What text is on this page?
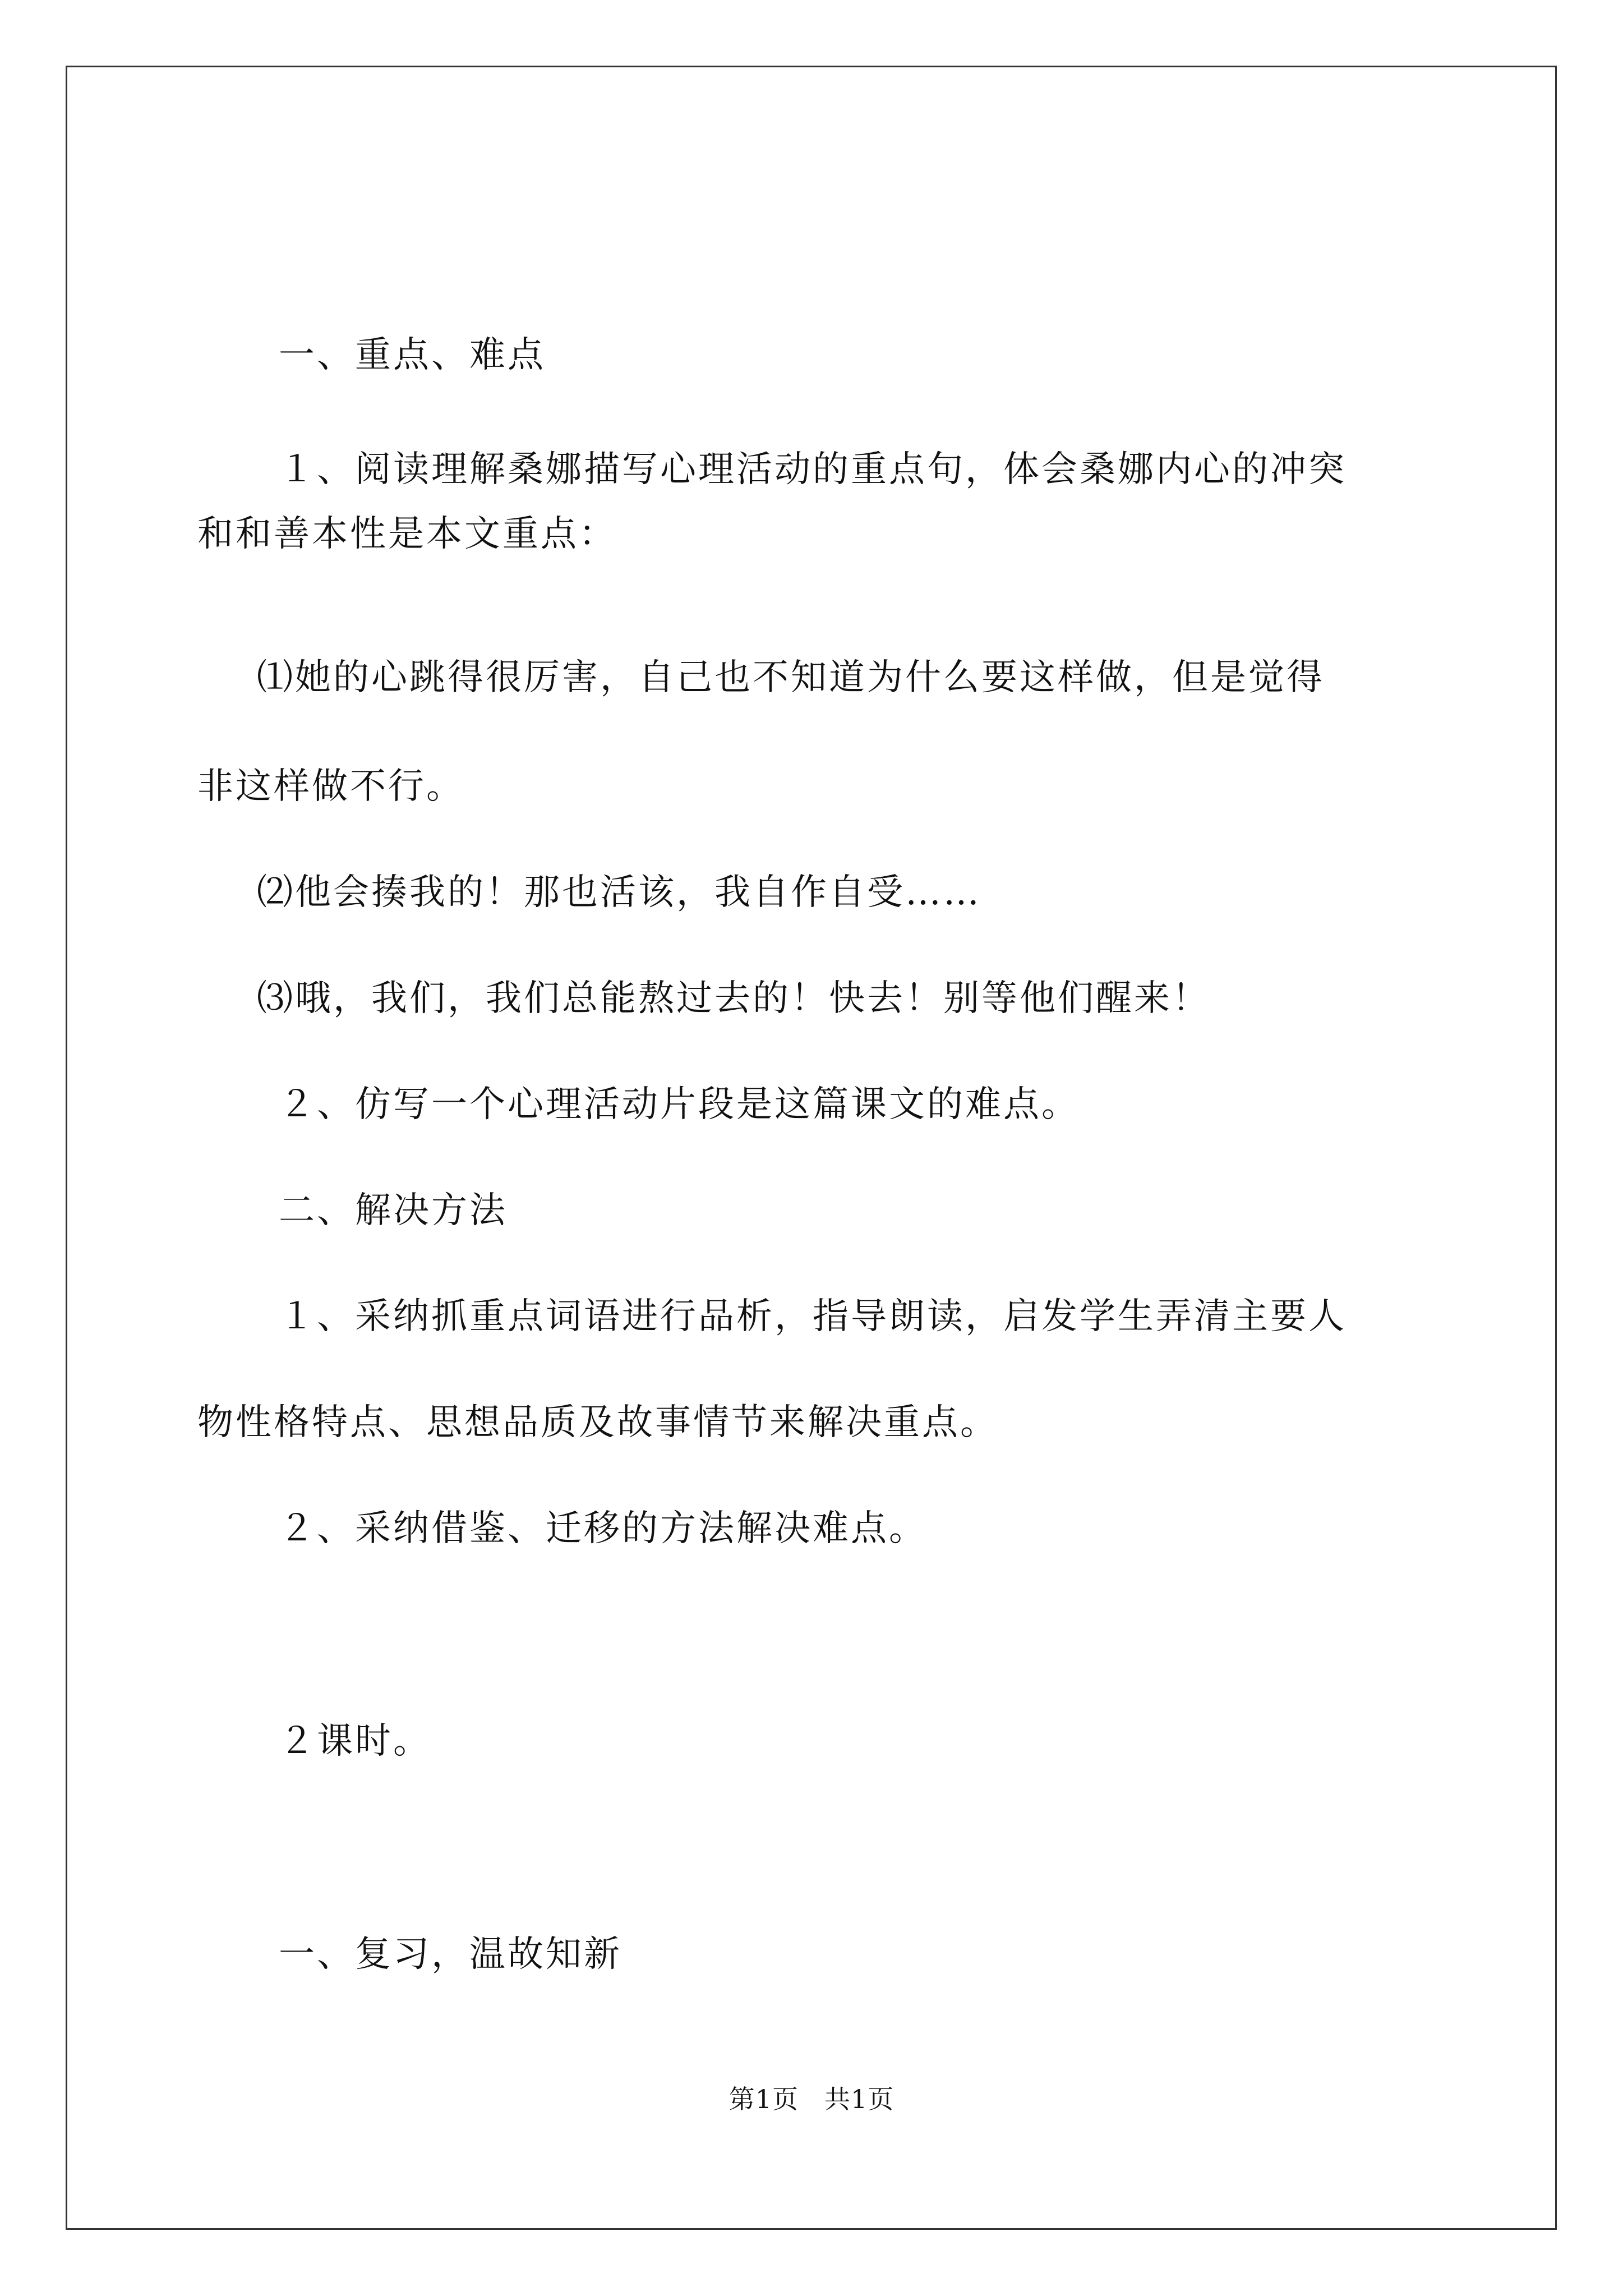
一、重点、难点
１、阅读理解桑娜描写心理活动的重点句，体会桑娜内心的冲突
和和善本性是本文重点：
⑴她的心跳得很厉害，自己也不知道为什么要这样做，但是觉得
非这样做不行。
⑵他会揍我的！那也活该，我自作自受……
⑶哦，我们，我们总能熬过去的！快去！别等他们醒来！
２、仿写一个心理活动片段是这篇课文的难点。
二、解决方法
１、采纳抓重点词语进行品析，指导朗读，启发学生弄清主要人
物性格特点、思想品质及故事情节来解决重点。
２、采纳借鉴、迁移的方法解决难点。
２课时。
一、复习，温故知新
第1页 共1页
